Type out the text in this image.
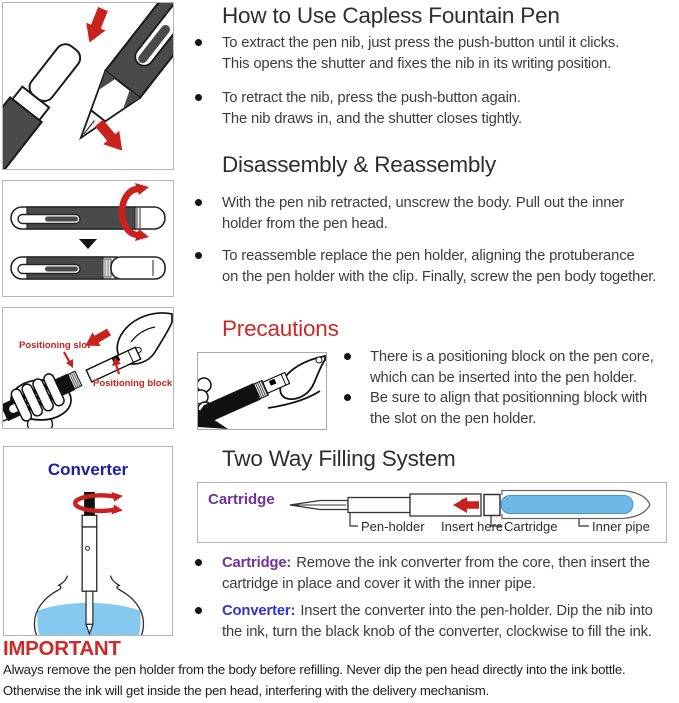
Positioning slot
Positioning block
Converter
How to Use Capless Fountain Pen
To extract the pen nib, just press the push-button until it clicks.
This opens the shutter and fixes the nib in its writing position.
To retract the nib, press the push-button again.
The nib draws in, and the shutter closes tightly.
Disassembly & Reassembly
With the pen nib retracted, unscrew the body. Pull out the inner
holder from the pen head.
To reassemble replace the pen holder, aligning the protuberance
on the pen holder with the clip. Finally, screw the pen body together.
Precautions
There is a positioning block on the pen core,
which can be inserted into the pen holder.
Be sure to align that positionning block with
the slot on the pen holder.
Two Way Filling System
Cartridge
Pen-holder Insert here Cartridge	Inner pipe
Cartridge: Remove the ink converter from the core, then insert the
cartridge in place and cover it with the inner pipe.
Converter: Insert the converter into the pen-holder. Dip the nib into
the ink, turn the black knob of the converter, clockwise to fill the ink.
IMPORTANT
Always remove the pen holder from the body before refilling. Never dip the pen head directly into the ink bottle.
Otherwise the ink will get inside the pen head, interfering with the delivery mechanism.
